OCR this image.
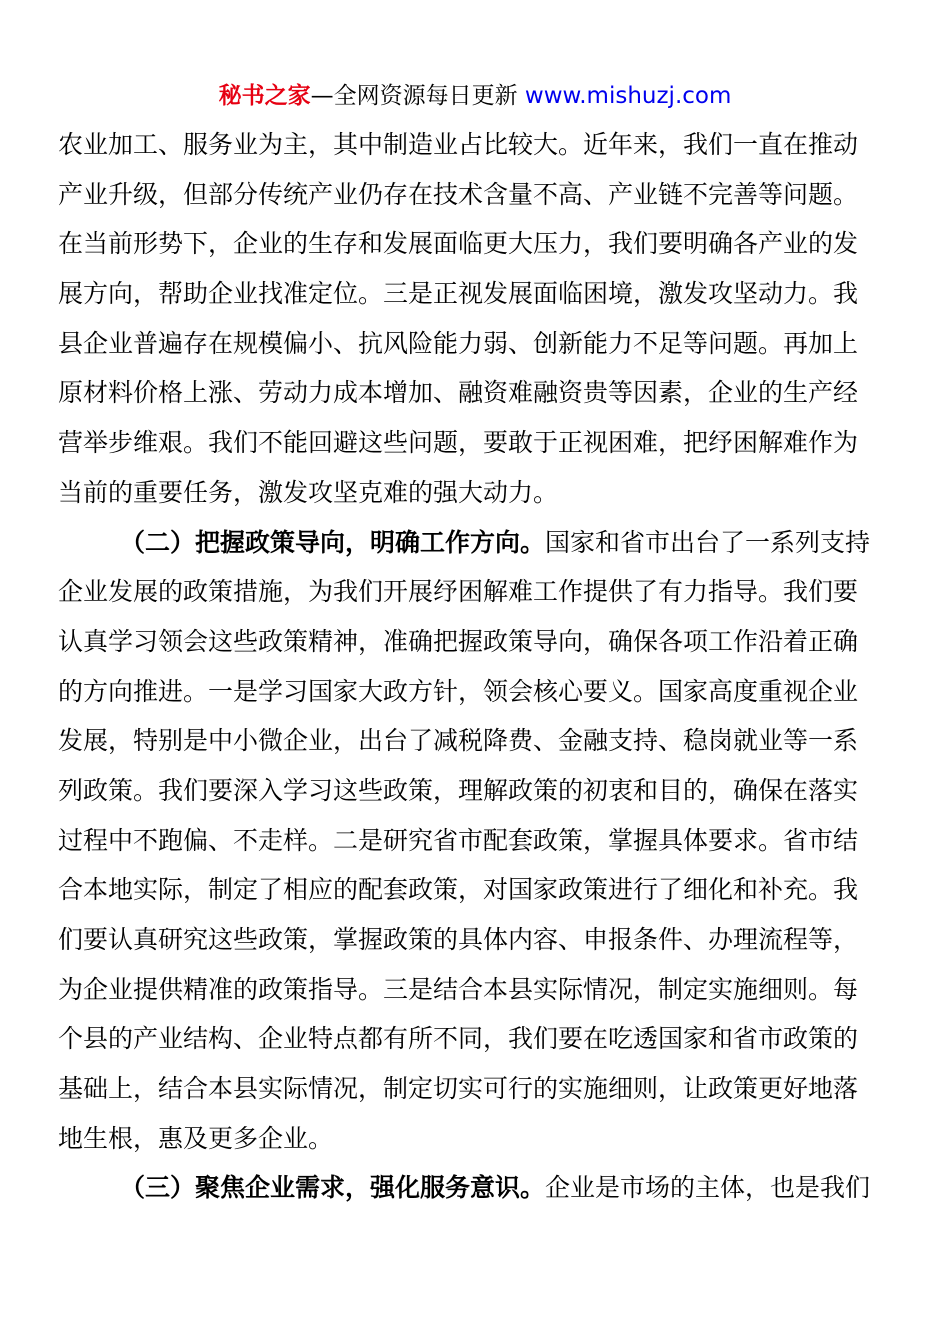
秘书之家—全网资源每日更新 www.mishuzj.com
农业加工、服务业为主，其中制造业占比较大。近年来，我们一直在推动
产业升级，但部分传统产业仍存在技术含量不高、产业链不完善等问题。
在当前形势下，企业的生存和发展面临更大压力，我们要明确各产业的发
展方向，帮助企业找准定位。三是正视发展面临困境，激发攻坚动力。我
县企业普遍存在规模偏小、抗风险能力弱、创新能力不足等问题。再加上
原材料价格上涨、劳动力成本增加、融资难融资贵等因素，企业的生产经
营举步维艰。我们不能回避这些问题，要敢于正视困难，把纾困解难作为
当前的重要任务，激发攻坚克难的强大动力。
（二）把握政策导向，明确工作方向。国家和省市出台了一系列支持
企业发展的政策措施，为我们开展纾困解难工作提供了有力指导。我们要
认真学习领会这些政策精神，准确把握政策导向，确保各项工作沿着正确
的方向推进。一是学习国家大政方针，领会核心要义。国家高度重视企业
发展，特别是中小微企业，出台了减税降费、金融支持、稳岗就业等一系
列政策。我们要深入学习这些政策，理解政策的初衷和目的，确保在落实
过程中不跑偏、不走样。二是研究省市配套政策，掌握具体要求。省市结
合本地实际，制定了相应的配套政策，对国家政策进行了细化和补充。我
们要认真研究这些政策，掌握政策的具体内容、申报条件、办理流程等，
为企业提供精准的政策指导。三是结合本县实际情况，制定实施细则。每
个县的产业结构、企业特点都有所不同，我们要在吃透国家和省市政策的
基础上，结合本县实际情况，制定切实可行的实施细则，让政策更好地落
地生根，惠及更多企业。
（三）聚焦企业需求，强化服务意识。企业是市场的主体，也是我们
